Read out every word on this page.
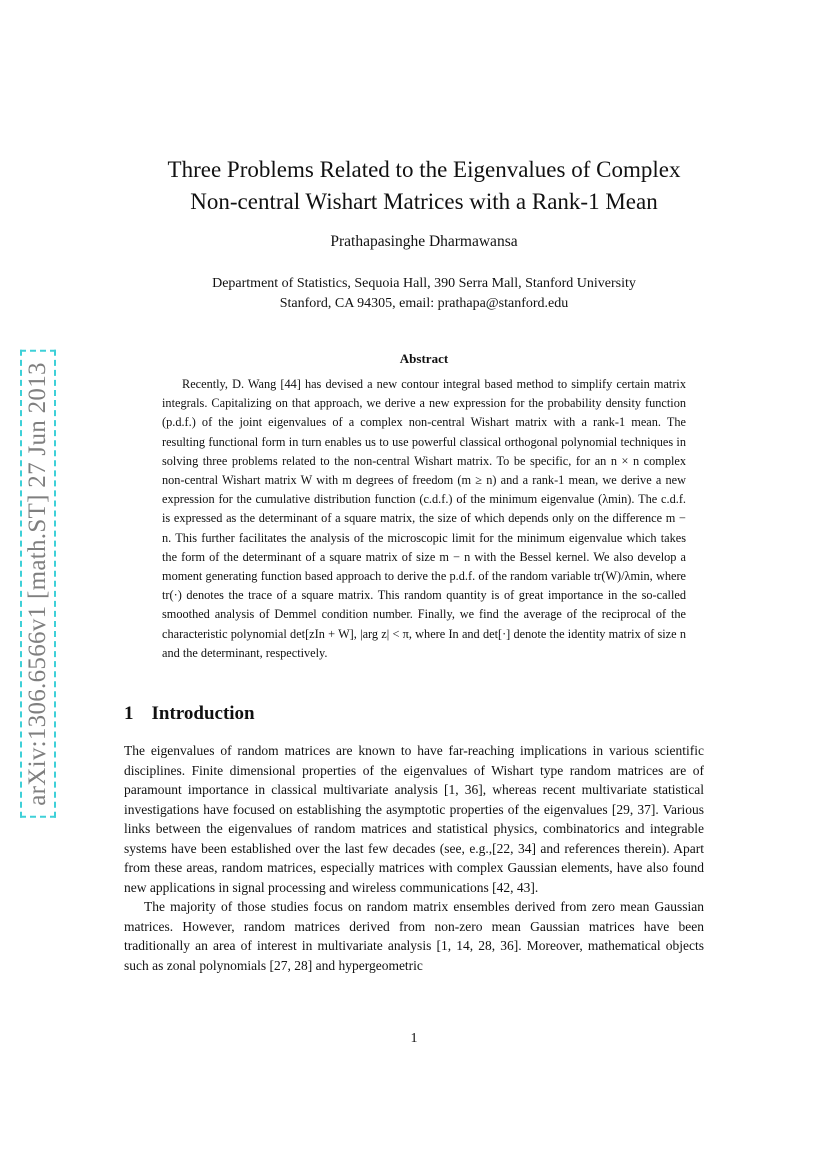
arXiv:1306.6566v1 [math.ST] 27 Jun 2013
Three Problems Related to the Eigenvalues of Complex
Non-central Wishart Matrices with a Rank-1 Mean
Prathapasinghe Dharmawansa
Department of Statistics, Sequoia Hall, 390 Serra Mall, Stanford University
Stanford, CA 94305, email: prathapa@stanford.edu
Abstract
Recently, D. Wang [44] has devised a new contour integral based method to simplify certain matrix integrals. Capitalizing on that approach, we derive a new expression for the probability density function (p.d.f.) of the joint eigenvalues of a complex non-central Wishart matrix with a rank-1 mean. The resulting functional form in turn enables us to use powerful classical orthogonal polynomial techniques in solving three problems related to the non-central Wishart matrix. To be specific, for an n × n complex non-central Wishart matrix W with m degrees of freedom (m ≥ n) and a rank-1 mean, we derive a new expression for the cumulative distribution function (c.d.f.) of the minimum eigenvalue (λmin). The c.d.f. is expressed as the determinant of a square matrix, the size of which depends only on the difference m − n. This further facilitates the analysis of the microscopic limit for the minimum eigenvalue which takes the form of the determinant of a square matrix of size m − n with the Bessel kernel. We also develop a moment generating function based approach to derive the p.d.f. of the random variable tr(W)/λmin, where tr(·) denotes the trace of a square matrix. This random quantity is of great importance in the so-called smoothed analysis of Demmel condition number. Finally, we find the average of the reciprocal of the characteristic polynomial det[zIn + W], |arg z| < π, where In and det[·] denote the identity matrix of size n and the determinant, respectively.
1 Introduction

The eigenvalues of random matrices are known to have far-reaching implications in various scientific disciplines. Finite dimensional properties of the eigenvalues of Wishart type random matrices are of paramount importance in classical multivariate analysis [1, 36], whereas recent multivariate statistical investigations have focused on establishing the asymptotic properties of the eigenvalues [29, 37]. Various links between the eigenvalues of random matrices and statistical physics, combinatorics and integrable systems have been established over the last few decades (see, e.g.,[22, 34] and references therein). Apart from these areas, random matrices, especially matrices with complex Gaussian elements, have also found new applications in signal processing and wireless communications [42, 43].

The majority of those studies focus on random matrix ensembles derived from zero mean Gaussian matrices. However, random matrices derived from non-zero mean Gaussian matrices have been traditionally an area of interest in multivariate analysis [1, 14, 28, 36]. Moreover, mathematical objects such as zonal polynomials [27, 28] and hypergeometric

1
